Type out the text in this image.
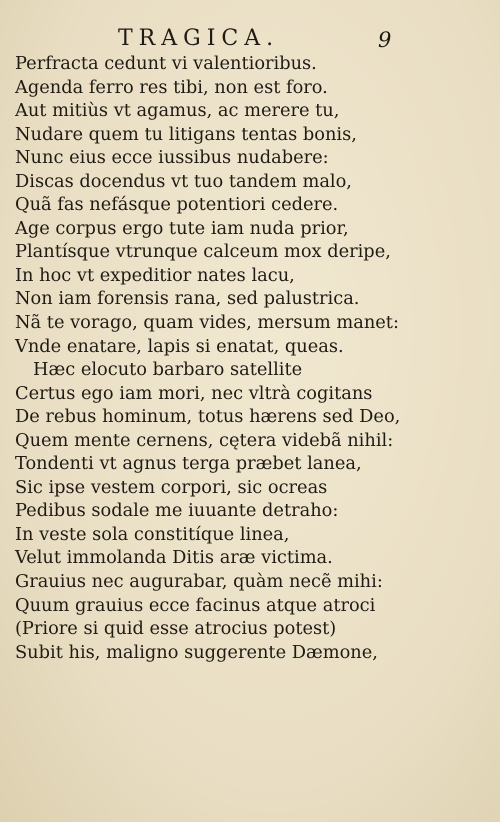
TRAGICA.	9
Perfracta cedunt vi valentioribus.
Agenda ferro res tibi, non est foro.
Aut mitiùs vt agamus, ac merere tu,
Nudare quem tu litigans tentas bonis,
Nunc eius ecce iussibus nudabere:
Discas docendus vt tuo tandem malo,
Quã fas nefásque potentiori cedere.
Age corpus ergo tute iam nuda prior,
Plantísque vtrunque calceum mox deripe,
In hoc vt expeditior nates lacu,
Non iam forensis rana, sed palustrica.
Nã te vorago, quam vides, mersum manet:
Vnde enatare, lapis si enatat, queas.
Hæc elocuto barbaro satellite
Certus ego iam mori, nec vltrà cogitans
De rebus hominum, totus hærens sed Deo,
Quem mente cernens, cętera videbã nihil:
Tondenti vt agnus terga præbet lanea,
Sic ipse vestem corpori, sic ocreas
Pedibus sodale me iuuante detraho:
In veste sola constitíque linea,
Velut immolanda Ditis aræ victima.
Grauius nec augurabar, quàm necẽ mihi:
Quum grauius ecce facinus atque atroci
(Priore si quid esse atrocius potest)
Subit his, maligno suggerente Dæmone,
